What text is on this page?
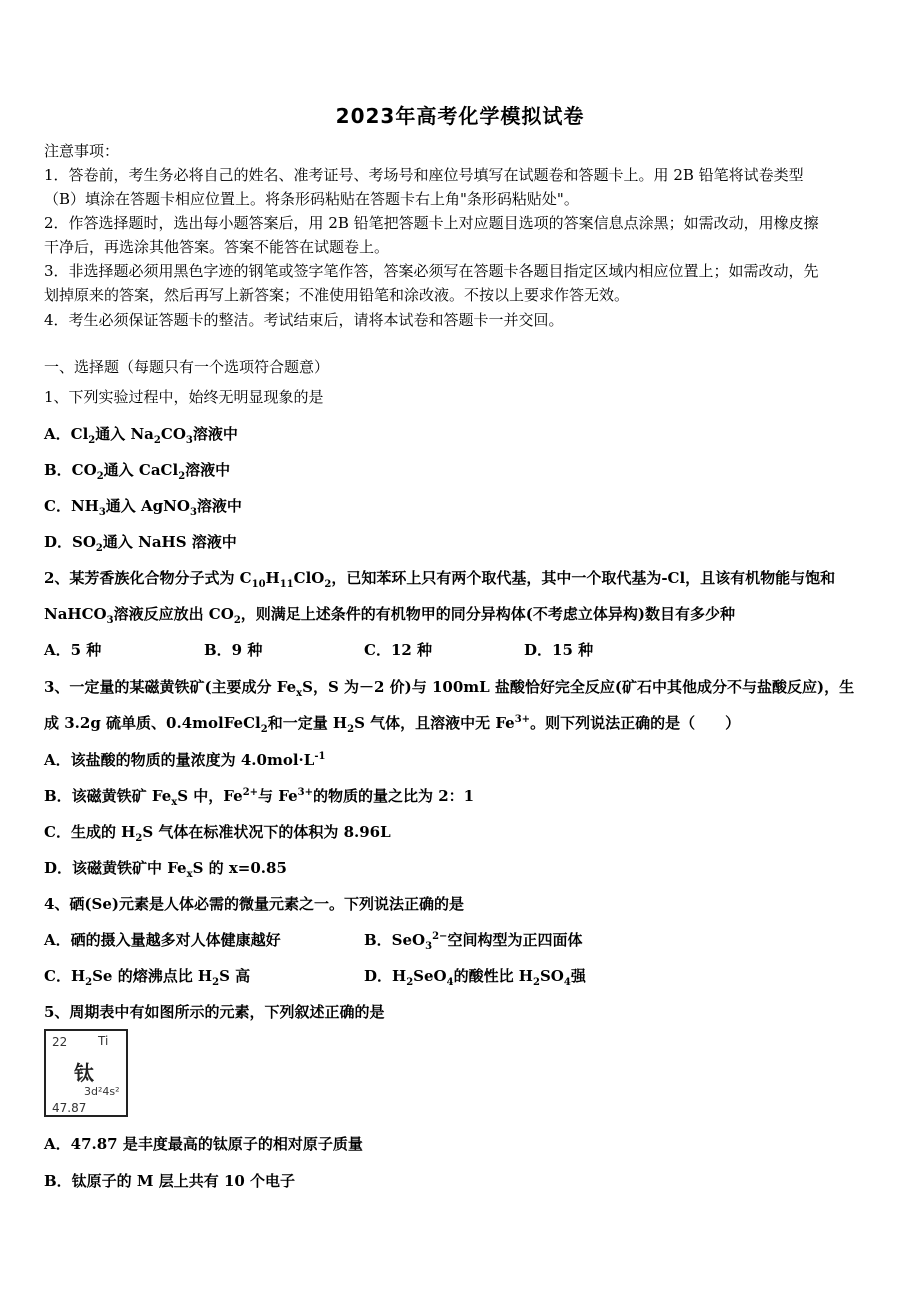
2023年高考化学模拟试卷
注意事项：
1．答卷前，考生务必将自己的姓名、准考证号、考场号和座位号填写在试题卷和答题卡上。用 2B 铅笔将试卷类型
（B）填涂在答题卡相应位置上。将条形码粘贴在答题卡右上角"条形码粘贴处"。
2．作答选择题时，选出每小题答案后，用 2B 铅笔把答题卡上对应题目选项的答案信息点涂黑；如需改动，用橡皮擦
干净后，再选涂其他答案。答案不能答在试题卷上。
3．非选择题必须用黑色字迹的钢笔或签字笔作答，答案必须写在答题卡各题目指定区域内相应位置上；如需改动，先
划掉原来的答案，然后再写上新答案；不准使用铅笔和涂改液。不按以上要求作答无效。
4．考生必须保证答题卡的整洁。考试结束后，请将本试卷和答题卡一并交回。
一、选择题（每题只有一个选项符合题意）
1、下列实验过程中，始终无明显现象的是
A．$Cl_2$通入 $Na_2CO_3$溶液中
B．$CO_2$通入 CaCl$_2$溶液中
C．$NH_3$通入 AgNO$_3$溶液中
D．$SO_2$通入 NaHS 溶液中
2、某芳香族化合物分子式为 $C_{10}H_{11}ClO_2$，已知苯环上只有两个取代基，其中一个取代基为-Cl，且该有机物能与饱和
NaHCO$_3$溶液反应放出 $CO_2$，则满足上述条件的有机物甲的同分异构体(不考虑立体异构)数目有多少种
A．5 种	B．9 种	C．12 种	D．15 种
3、一定量的某磁黄铁矿(主要成分 $Fe_xS$，S 为－2 价)与 100mL 盐酸恰好完全反应(矿石中其他成分不与盐酸反应)，生
成 3.2g 硫单质、0.4molFeCl$_2$和一定量 $H_2S$ 气体，且溶液中无 $Fe^{3+}$。则下列说法正确的是（　　）
A．该盐酸的物质的量浓度为 $4.0mol\cdot L^{-1}$
B．该磁黄铁矿 $Fe_xS$ 中，$Fe^{2+}$与 $Fe^{3+}$的物质的量之比为 2：1
C．生成的 $H_2S$ 气体在标准状况下的体积为 8.96L
D．该磁黄铁矿中 $Fe_xS$ 的 x=0.85
4、硒(Se)元素是人体必需的微量元素之一。下列说法正确的是
A．硒的摄入量越多对人体健康越好	B．SeO$_3^{2-}$空间构型为正四面体
C．$H_2Se$ 的熔沸点比 $H_2S$ 高	D．$H_2SeO_4$的酸性比 $H_2SO_4$强
5、周期表中有如图所示的元素，下列叙述正确的是
22	Ti
钛
3d²4s²
47.87
A．47.87 是丰度最高的钛原子的相对原子质量
B．钛原子的 M 层上共有 10 个电子
